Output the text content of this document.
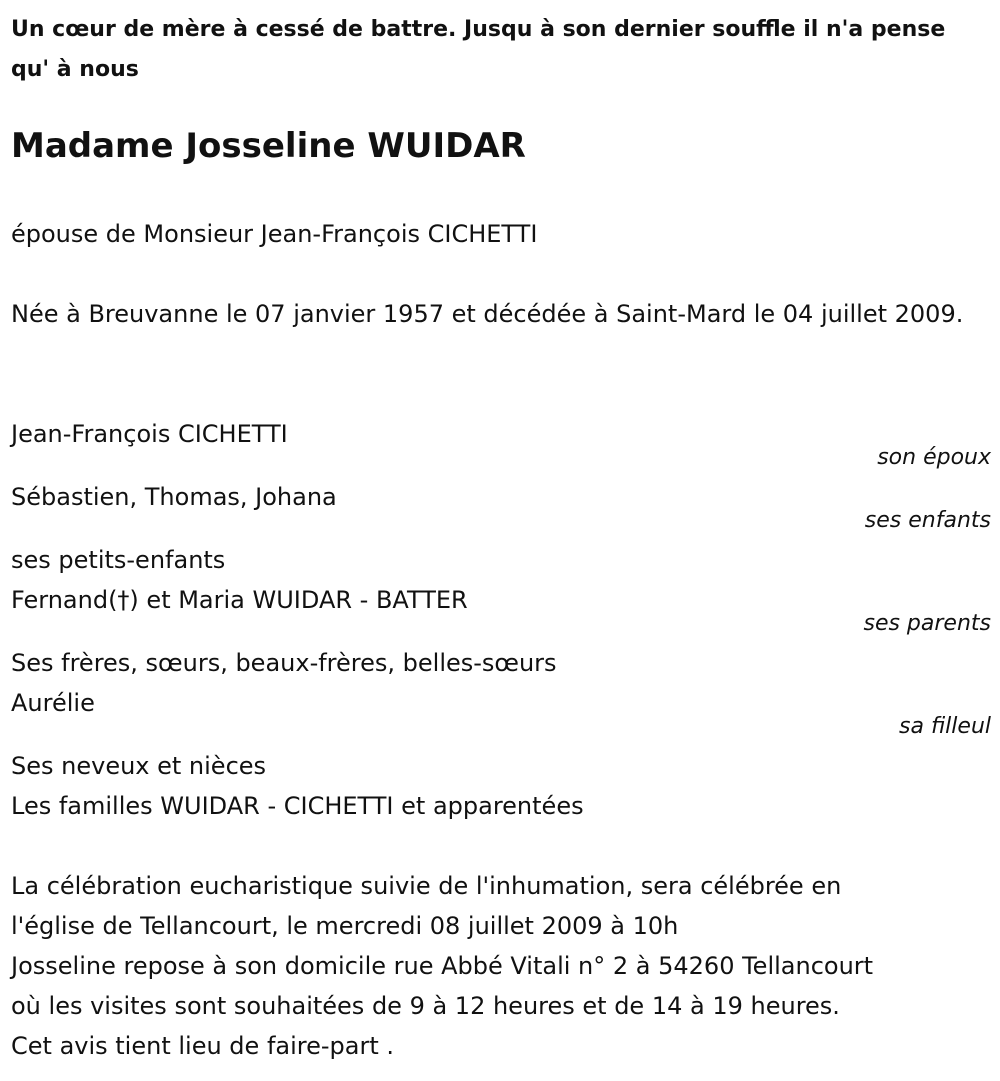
Un cœur de mère à cessé de battre. Jusqu à son dernier souffle il n'a pense qu' à nous
Madame Josseline WUIDAR
épouse de Monsieur Jean-François CICHETTI
Née à Breuvanne le 07 janvier 1957 et décédée à Saint-Mard le 04 juillet 2009.
Jean-François CICHETTI
son époux
Sébastien, Thomas, Johana
ses enfants
ses petits-enfants
Fernand(†) et Maria WUIDAR - BATTER
ses parents
Ses frères, sœurs, beaux-frères, belles-sœurs
Aurélie
sa filleul
Ses neveux et nièces
Les familles WUIDAR - CICHETTI et apparentées
La célébration eucharistique suivie de l'inhumation, sera célébrée en
l'église de Tellancourt, le mercredi 08 juillet 2009 à 10h
Josseline repose à son domicile rue Abbé Vitali n° 2 à 54260 Tellancourt
où les visites sont souhaitées de 9 à 12 heures et de 14 à 19 heures.
Cet avis tient lieu de faire-part .
